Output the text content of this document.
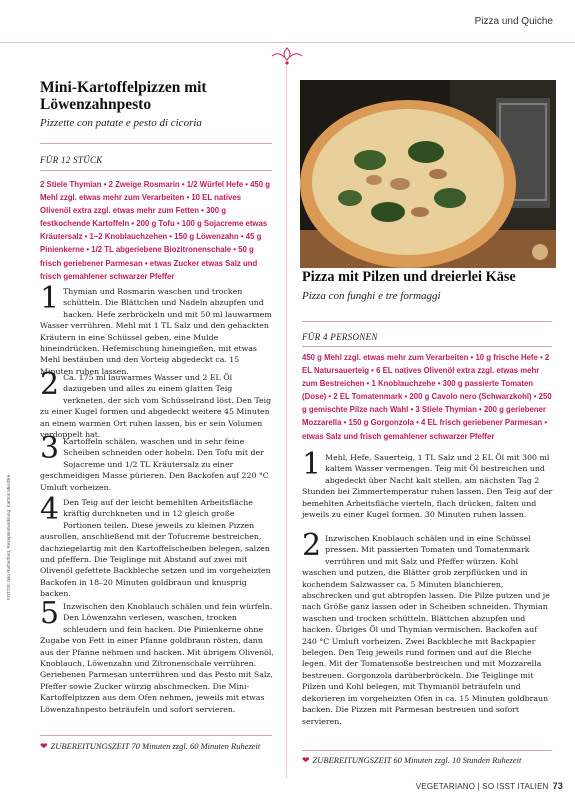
Pizza und Quiche
Mini-Kartoffelpizzen mit
Löwenzahnpesto
Pizzette con patate e pesto di cicoria
FÜR 12 STÜCK
2 Stiele Thymian • 2 Zweige Rosmarin • 1/2 Würfel Hefe • 450 g Mehl zzgl. etwas mehr zum Verarbeiten • 10 EL natives Olivenöl extra zzgl. etwas mehr zum Fetten • 300 g festkochende Kartoffeln • 200 g Tofu • 100 g Sojacreme etwas Kräutersalz • 1–2 Knoblauchzehen • 150 g Löwenzahn • 45 g Pinienkerne • 1/2 TL abgeriebene Biozitronenschale • 50 g frisch geriebener Parmesan • etwas Zucker etwas Salz und frisch gemahlener schwarzer Pfeffer
1 Thymian und Rosmarin waschen und trocken schütteln. Die Blättchen und Nadeln abzupfen und hacken. Hefe zerbröckeln und mit 50 ml lauwarmem Wasser verrühren. Mehl mit 1 TL Salz und den gehackten Kräutern in eine Schüssel geben, eine Mulde hineindrücken. Hefemischung hineingießen, mit etwas Mehl bestäuben und den Vorteig abgedeckt ca. 15 Minuten ruhen lassen.
2 Ca. 175 ml lauwarmes Wasser und 2 EL Öl dazugeben und alles zu einem glatten Teig verkneten, der sich vom Schüsselrand löst. Den Teig zu einer Kugel formen und abgedeckt weitere 45 Minuten an einem warmen Ort ruhen lassen, bis er sein Volumen verdoppelt hat.
3 Kartoffeln schälen, waschen und in sehr feine Scheiben schneiden oder hobeln. Den Tofu mit der Sojacreme und 1/2 TL Kräutersalz zu einer geschmeidigen Masse pürieren. Den Backofen auf 220 °C Umluft vorheizen.
4 Den Teig auf der leicht bemehlten Arbeitsfläche kräftig durchkneten und in 12 gleich große Portionen teilen. Diese jeweils zu kleinen Pizzen ausrollen, anschließend mit der Tofucreme bestreichen, dachziegelartig mit den Kartoffelscheiben belegen, salzen und pfeffern. Die Teiglinge mit Abstand auf zwei mit Olivenöl gefettete Backbleche setzen und im vorgeheizten Backofen in 18–20 Minuten goldbraun und knusprig backen.
5 Inzwischen den Knoblauch schälen und fein würfeln. Den Löwenzahn verlesen, waschen, trocken schleudern und fein hacken. Die Pinienkerne ohne Zugabe von Fett in einer Pfanne goldbraun rösten, dann aus der Pfanne nehmen und hacken. Mit übrigem Olivenöl, Knoblauch, Löwenzahn und Zitronenschale verrühren. Geriebenen Parmesan unterrühren und das Pesto mit Salz, Pfeffer sowie Zucker würzig abschmecken. Die Mini-Kartoffelpizzen aus dem Ofen nehmen, jeweils mit etwas Löwenzahnpesto beträufeln und sofort servieren.
❤ ZUBEREITUNGSZEIT 70 Minuten zzgl. 60 Minuten Ruhezeit
Pizza mit Pilzen und dreierlei Käse
Pizza con funghi e tre formaggi
FÜR 4 PERSONEN
450 g Mehl zzgl. etwas mehr zum Verarbeiten • 10 g frische Hefe • 2 EL Natursauerteig • 6 EL natives Olivenöl extra zzgl. etwas mehr zum Bestreichen • 1 Knoblauchzehe • 300 g passierte Tomaten (Dose) • 2 EL Tomatenmark • 200 g Cavolo nero (Schwarzkohl) • 250 g gemischte Pilze nach Wahl • 3 Stiele Thymian • 200 g geriebener Mozzarella • 150 g Gorgonzola • 4 EL frisch geriebener Parmesan • etwas Salz und frisch gemahlener schwarzer Pfeffer
1 Mehl, Hefe, Sauerteig, 1 TL Salz und 2 EL Öl mit 300 ml kaltem Wasser vermengen. Teig mit Öl bestreichen und abgedeckt über Nacht kalt stellen, am nächsten Tag 2 Stunden bei Zimmertemperatur ruhen lassen. Den Teig auf der bemehlten Arbeitsfläche vierteln, flach drücken, falten und jeweils zu einer Kugel formen. 30 Minuten ruhen lassen.
2 Inzwischen Knoblauch schälen und in eine Schüssel pressen. Mit passierten Tomaten und Tomatenmark verrühren und mit Salz und Pfeffer würzen. Kohl waschen und putzen, die Blätter grob zerpflücken und in kochendem Salzwasser ca. 5 Minuten blanchieren, abschrecken und gut abtropfen lassen. Die Pilze putzen und je nach Größe ganz lassen oder in Scheiben schneiden. Thymian waschen und trocken schütteln. Blättchen abzupfen und hacken. Übriges Öl und Thymian vermischen. Backofen auf 240 °C Umluft vorheizen. Zwei Backbleche mit Backpapier belegen. Den Teig jeweils rund formen und auf die Bleche legen. Mit der Tomatensoße bestreichen und mit Mozzarella bestreuen. Gorgonzola darüberbröckeln. Die Teiglinge mit Pilzen und Kohl belegen, mit Thymianöl beträufeln und dekorieren im vorgeheizten Ofen in ca. 15 Minuten goldbraun backen. Die Pizzen mit Parmesan bestreuen und sofort servieren.
❤ ZUBEREITUNGSZEIT 60 Minuten zzgl. 10 Stunden Ruhezeit
FOTOS: Nici Rutherford, Rezeptentwicklung: Kathrin Mischke
VEGETARIANO | SO ISST ITALIEN 73
